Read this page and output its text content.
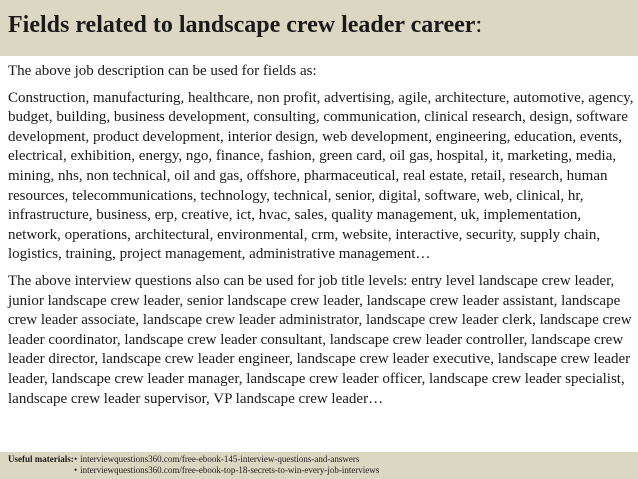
Fields related to landscape crew leader career:

The above job description can be used for fields as:

Construction, manufacturing, healthcare, non profit, advertising, agile, architecture, automotive, agency, budget, building, business development, consulting, communication, clinical research, design, software development, product development, interior design, web development, engineering, education, events, electrical, exhibition, energy, ngo, finance, fashion, green card, oil gas, hospital, it, marketing, media, mining, nhs, non technical, oil and gas, offshore, pharmaceutical, real estate, retail, research, human resources, telecommunications, technology, technical, senior, digital, software, web, clinical, hr, infrastructure, business, erp, creative, ict, hvac, sales, quality management, uk, implementation, network, operations, architectural, environmental, crm, website, interactive, security, supply chain, logistics, training, project management, administrative management…

The above interview questions also can be used for job title levels: entry level landscape crew leader, junior landscape crew leader, senior landscape crew leader, landscape crew leader assistant, landscape crew leader associate, landscape crew leader administrator, landscape crew leader clerk, landscape crew leader coordinator, landscape crew leader consultant, landscape crew leader controller, landscape crew leader director, landscape crew leader engineer, landscape crew leader executive, landscape crew leader leader, landscape crew leader manager, landscape crew leader officer, landscape crew leader specialist, landscape crew leader supervisor, VP landscape crew leader…

Useful materials: • interviewquestions360.com/free-ebook-145-interview-questions-and-answers
• interviewquestions360.com/free-ebook-top-18-secrets-to-win-every-job-interviews
